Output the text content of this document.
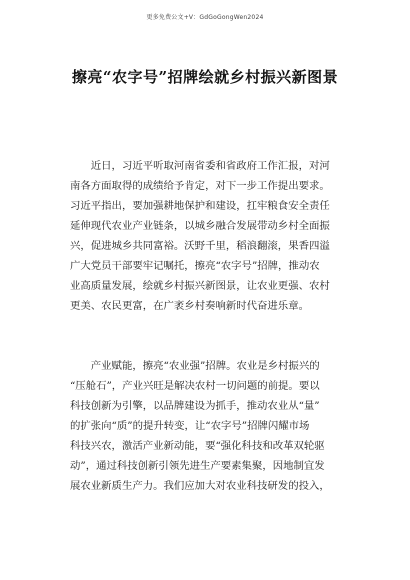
更多免费公文+V：GdGoGongWen2024
擦亮“农字号”招牌绘就乡村振兴新图景
　　近日，习近平听取河南省委和省政府工作汇报，对河
南各方面取得的成绩给予肯定，对下一步工作提出要求。
习近平指出，要加强耕地保护和建设，扛牢粮食安全责任
延伸现代农业产业链条，以城乡融合发展带动乡村全面振
兴，促进城乡共同富裕。沃野千里，稻浪翻滚，果香四溢
广大党员干部要牢记嘱托，擦亮“农字号”招牌，推动农
业高质量发展，绘就乡村振兴新图景，让农业更强、农村
更美、农民更富，在广袤乡村奏响新时代奋进乐章。
　　产业赋能，擦亮“农业强”招牌。农业是乡村振兴的
“压舱石”，产业兴旺是解决农村一切问题的前提。要以
科技创新为引擎，以品牌建设为抓手，推动农业从“量”
的扩张向“质”的提升转变，让“农字号”招牌闪耀市场
科技兴农，激活产业新动能，要“强化科技和改革双轮驱
动”，通过科技创新引领先进生产要素集聚，因地制宜发
展农业新质生产力。我们应加大对农业科技研发的投入，
